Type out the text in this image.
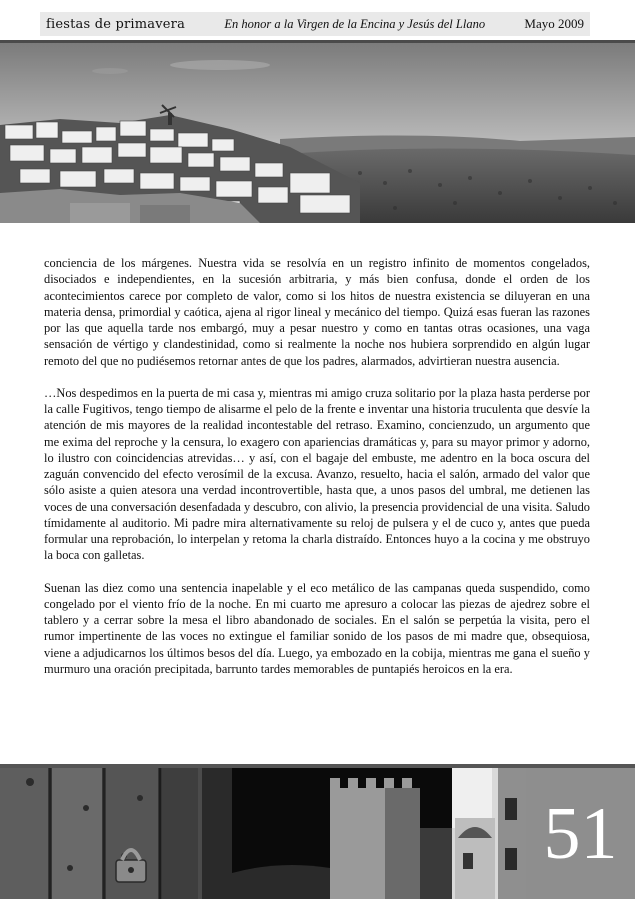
fiestas de primavera	En honor a la Virgen de la Encina y Jesús del Llano	Mayo 2009

conciencia de los márgenes. Nuestra vida se resolvía en un registro infinito de momentos congelados, disociados e independientes, en la sucesión arbitraria, y más bien confusa, donde el orden de los acontecimientos carece por completo de valor, como si los hitos de nuestra existencia se diluyeran en una materia densa, primordial y caótica, ajena al rigor lineal y mecánico del tiempo. Quizá esas fueran las razones por las que aquella tarde nos embargó, muy a pesar nuestro y como en tantas otras ocasiones, una vaga sensación de vértigo y clandestinidad, como si realmente la noche nos hubiera sorprendido en algún lugar remoto del que no pudiésemos retornar antes de que los padres, alarmados, advirtieran nuestra ausencia.

…Nos despedimos en la puerta de mi casa y, mientras mi amigo cruza solitario por la plaza hasta perderse por la calle Fugitivos, tengo tiempo de alisarme el pelo de la frente e inventar una historia truculenta que desvíe la atención de mis mayores de la realidad incontestable del retraso. Examino, concienzudo, un argumento que me exima del reproche y la censura, lo exagero con apariencias dramáticas y, para su mayor primor y adorno, lo ilustro con coincidencias atrevidas… y así, con el bagaje del embuste, me adentro en la boca oscura del zaguán convencido del efecto verosímil de la excusa. Avanzo, resuelto, hacia el salón, armado del valor que sólo asiste a quien atesora una verdad incontrovertible, hasta que, a unos pasos del umbral, me detienen las voces de una conversación desenfadada y descubro, con alivio, la presencia providencial de una visita. Saludo tímidamente al auditorio. Mi padre mira alternativamente su reloj de pulsera y el de cuco y, antes que pueda formular una reprobación, lo interpelan y retoma la charla distraído. Entonces huyo a la cocina y me obstruyo la boca con galletas.

Suenan las diez como una sentencia inapelable y el eco metálico de las campanas queda suspendido, como congelado por el viento frío de la noche. En mi cuarto me apresuro a colocar las piezas de ajedrez sobre el tablero y a cerrar sobre la mesa el libro abandonado de sociales. En el salón se perpetúa la visita, pero el rumor impertinente de las voces no extingue el familiar sonido de los pasos de mi madre que, obsequiosa, viene a adjudicarnos los últimos besos del día. Luego, ya embozado en la cobija, mientras me gana el sueño y murmuro una oración precipitada, barrunto tardes memorables de puntapiés heroicos en la era.

51
